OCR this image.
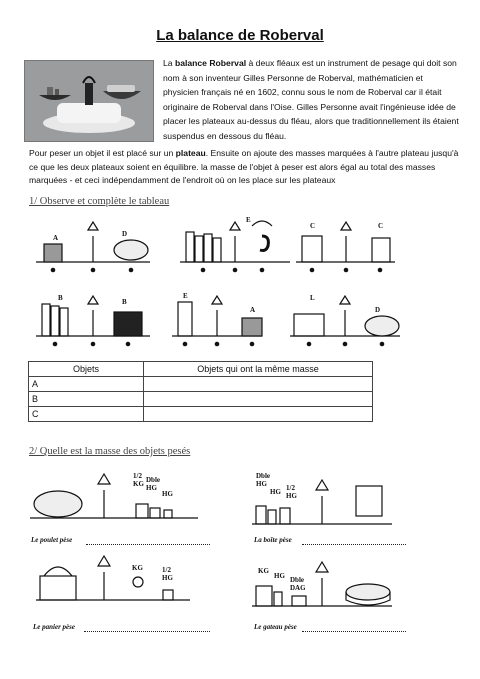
La balance de Roberval
La balance Roberval à deux fléaux est un instrument de pesage qui doit son nom à son inventeur Gilles Personne de Roberval, mathématicien et physicien français né en 1602, connu sous le nom de Roberval car il était originaire de Roberval dans l'Oise. Gilles Personne avait l'ingénieuse idée de placer les plateaux au-dessus du fléau, alors que traditionnellement ils étaient suspendus en dessous du fléau.
Pour peser un objet il est placé sur un plateau. Ensuite on ajoute des masses marquées à l'autre plateau jusqu'à ce que les deux plateaux soient en équilibre. la masse de l'objet à peser est alors égal au total des masses marquées - et ceci indépendamment de l'endroit où on les place sur les plateaux
1/ Observe et complète le tableau
A	D
E
C	C
B	B
E
A
L
D
Objets	Objets qui ont la même masse
A	
B	
C	
2/ Quelle est la masse des objets pesés
1/2
KG Dble
HG
HG
Dble
HG
HG 1/2
HG
KG	1/2
HG
KG
HG Dble
DAG
Le poulet pèse	La boîte pèse
Le panier pèse	Le gateau pèse
